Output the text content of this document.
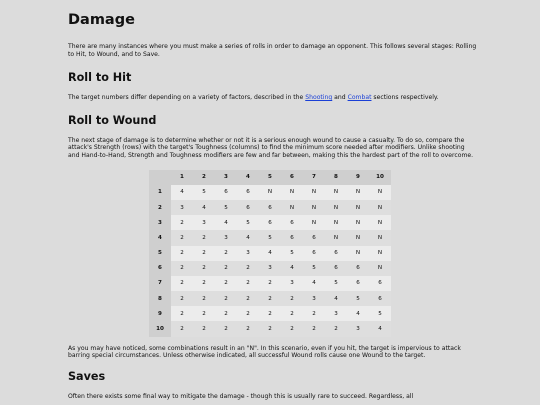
Damage

There are many instances where you must make a series of rolls in order to damage an opponent. This follows several stages: Rolling to Hit, to Wound, and to Save.

Roll to Hit

The target numbers differ depending on a variety of factors, described in the Shooting and Combat sections respectively.

Roll to Wound

The next stage of damage is to determine whether or not it is a serious enough wound to cause a casualty. To do so, compare the attack's Strength (rows) with the target's Toughness (columns) to find the minimum score needed after modifiers. Unlike shooting and Hand-to-Hand, Strength and Toughness modifiers are few and far between, making this the hardest part of the roll to overcome.

	1	2	3	4	5	6	7	8	9	10
1	4	5	6	6	N	N	N	N	N	N
2	3	4	5	6	6	N	N	N	N	N
3	2	3	4	5	6	6	N	N	N	N
4	2	2	3	4	5	6	6	N	N	N
5	2	2	2	3	4	5	6	6	N	N
6	2	2	2	2	3	4	5	6	6	N
7	2	2	2	2	2	3	4	5	6	6
8	2	2	2	2	2	2	3	4	5	6
9	2	2	2	2	2	2	2	3	4	5
10	2	2	2	2	2	2	2	2	3	4

As you may have noticed, some combinations result in an "N". In this scenario, even if you hit, the target is impervious to attack barring special circumstances. Unless otherwise indicated, all successful Wound rolls cause one Wound to the target.

Saves

Often there exists some final way to mitigate the damage - though this is usually rare to succeed. Regardless, all
